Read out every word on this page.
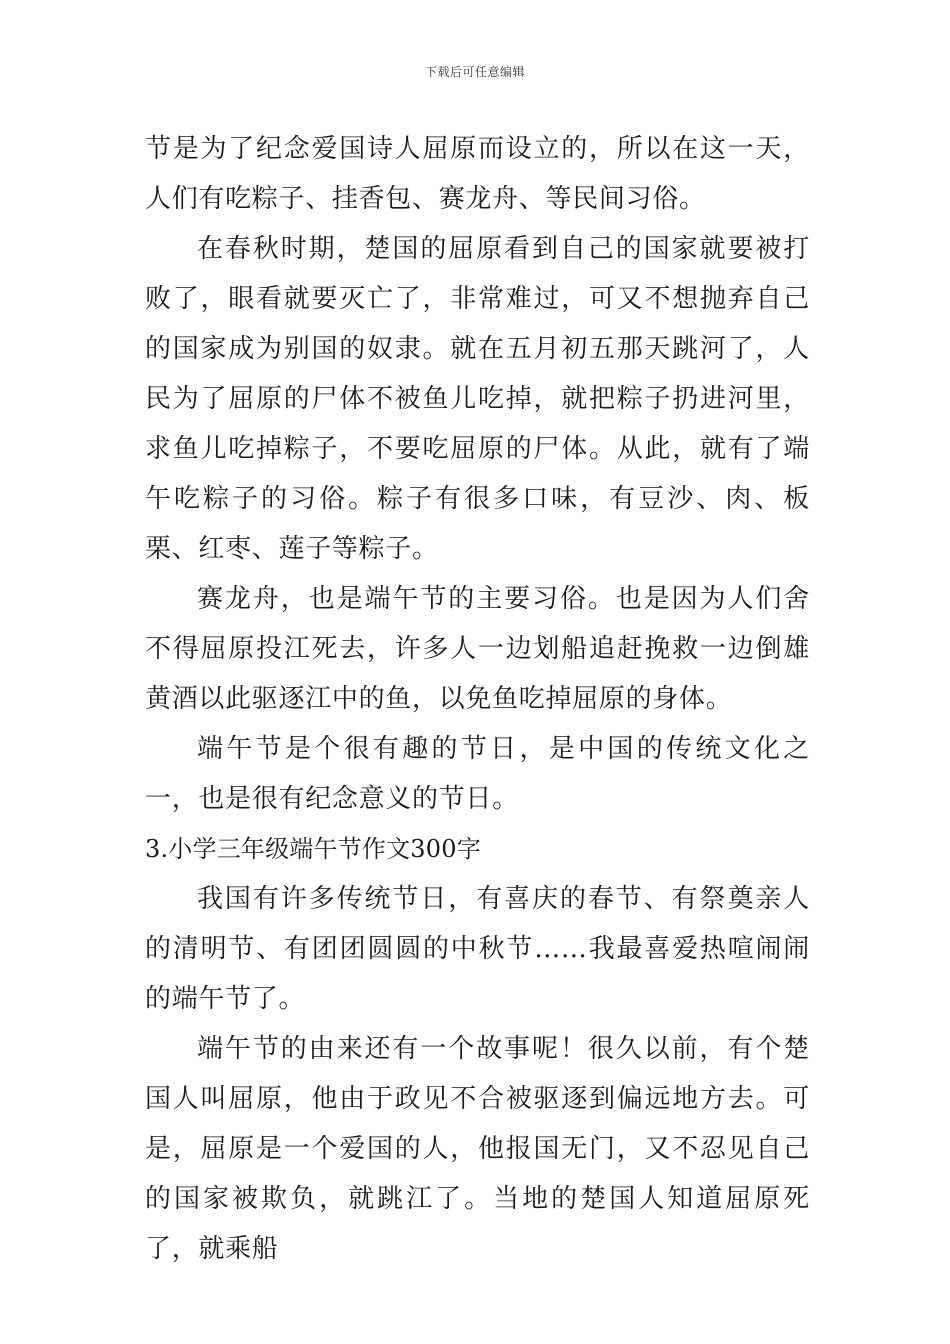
下载后可任意编辑

节是为了纪念爱国诗人屈原而设立的，所以在这一天，人们有吃粽子、挂香包、赛龙舟、等民间习俗。

在春秋时期，楚国的屈原看到自己的国家就要被打败了，眼看就要灭亡了，非常难过，可又不想抛弃自己的国家成为别国的奴隶。就在五月初五那天跳河了，人民为了屈原的尸体不被鱼儿吃掉，就把粽子扔进河里，求鱼儿吃掉粽子，不要吃屈原的尸体。从此，就有了端午吃粽子的习俗。粽子有很多口味，有豆沙、肉、板栗、红枣、莲子等粽子。

赛龙舟，也是端午节的主要习俗。也是因为人们舍不得屈原投江死去，许多人一边划船追赶挽救一边倒雄黄酒以此驱逐江中的鱼，以免鱼吃掉屈原的身体。

端午节是个很有趣的节日，是中国的传统文化之一，也是很有纪念意义的节日。

3.小学三年级端午节作文300字

我国有许多传统节日，有喜庆的春节、有祭奠亲人的清明节、有团团圆圆的中秋节……我最喜爱热喧闹闹的端午节了。

端午节的由来还有一个故事呢！很久以前，有个楚国人叫屈原，他由于政见不合被驱逐到偏远地方去。可是，屈原是一个爱国的人，他报国无门，又不忍见自己的国家被欺负，就跳江了。当地的楚国人知道屈原死了，就乘船
